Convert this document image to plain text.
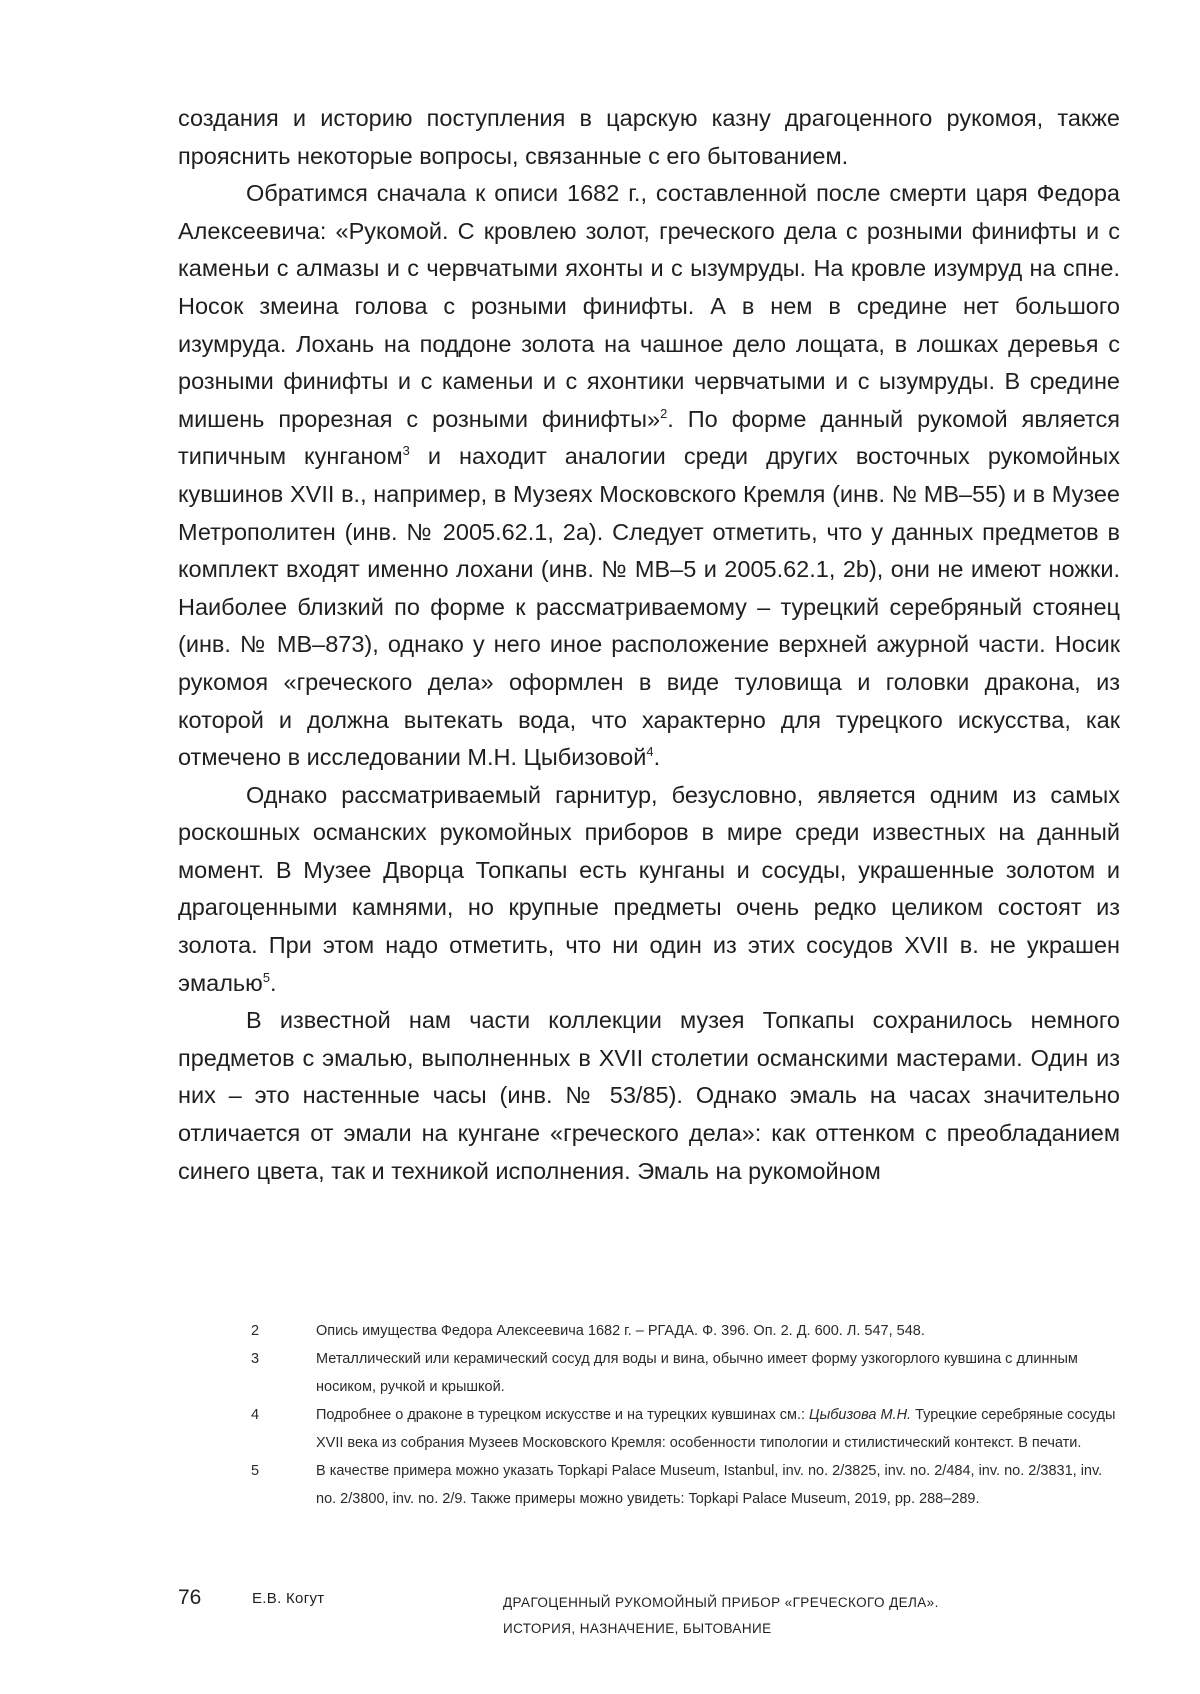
создания и историю поступления в царскую казну драгоценного рукомоя, также прояснить некоторые вопросы, связанные с его бытованием.

Обратимся сначала к описи 1682 г., составленной после смерти царя Федора Алексеевича: «Рукомой. С кровлею золот, греческого дела с розными финифты и с каменьи с алмазы и с червчатыми яхонты и с ызумруды. На кровле изумруд на спне. Носок змеина голова с розными финифты. А в нем в средине нет большого изумруда. Лохань на поддоне золота на чашное дело лощата, в лошках деревья с розными финифты и с каменьи и с яхонтики червчатыми и с ызумруды. В средине мишень прорезная с розными финифты»$^2$. По форме данный рукомой является типичным кунганом$^3$ и находит аналогии среди других восточных рукомойных кувшинов XVII в., например, в Музеях Московского Кремля (инв. № МВ–55) и в Музее Метрополитен (инв. № 2005.62.1, 2a). Следует отметить, что у данных предметов в комплект входят именно лохани (инв. № МВ–5 и 2005.62.1, 2b), они не имеют ножки. Наиболее близкий по форме к рассматриваемому – турецкий серебряный стоянец (инв. № МВ–873), однако у него иное расположение верхней ажурной части. Носик рукомоя «греческого дела» оформлен в виде туловища и головки дракона, из которой и должна вытекать вода, что характерно для турецкого искусства, как отмечено в исследовании М.Н. Цыбизовой$^4$.

Однако рассматриваемый гарнитур, безусловно, является одним из самых роскошных османских рукомойных приборов в мире среди известных на данный момент. В Музее Дворца Топкапы есть кунганы и сосуды, украшенные золотом и драгоценными камнями, но крупные предметы очень редко целиком состоят из золота. При этом надо отметить, что ни один из этих сосудов XVII в. не украшен эмалью$^5$.

В известной нам части коллекции музея Топкапы сохранилось немного предметов с эмалью, выполненных в XVII столетии османскими мастерами. Один из них – это настенные часы (инв. № 53/85). Однако эмаль на часах значительно отличается от эмали на кунгане «греческого дела»: как оттенком с преобладанием синего цвета, так и техникой исполнения. Эмаль на рукомойном

2	Опись имущества Федора Алексеевича 1682 г. – РГАДА. Ф. 396. Оп. 2. Д. 600. Л. 547, 548.
3	Металлический или керамический сосуд для воды и вина, обычно имеет форму узкогорлого кувшина с длинным носиком, ручкой и крышкой.
4	Подробнее о драконе в турецком искусстве и на турецких кувшинах см.: Цыбизова М.Н. Турецкие серебряные сосуды XVII века из собрания Музеев Московского Кремля: особенности типологии и стилистический контекст. В печати.
5	В качестве примера можно указать Topkapi Palace Museum, Istanbul, inv. no. 2/3825, inv. no. 2/484, inv. no. 2/3831, inv. no. 2/3800, inv. no. 2/9. Также примеры можно увидеть: Topkapi Palace Museum, 2019, pp. 288–289.
76	Е.В. Когут	ДРАГОЦЕННЫЙ РУКОМОЙНЫЙ ПРИБОР «ГРЕЧЕСКОГО ДЕЛА».
ИСТОРИЯ, НАЗНАЧЕНИЕ, БЫТОВАНИЕ
